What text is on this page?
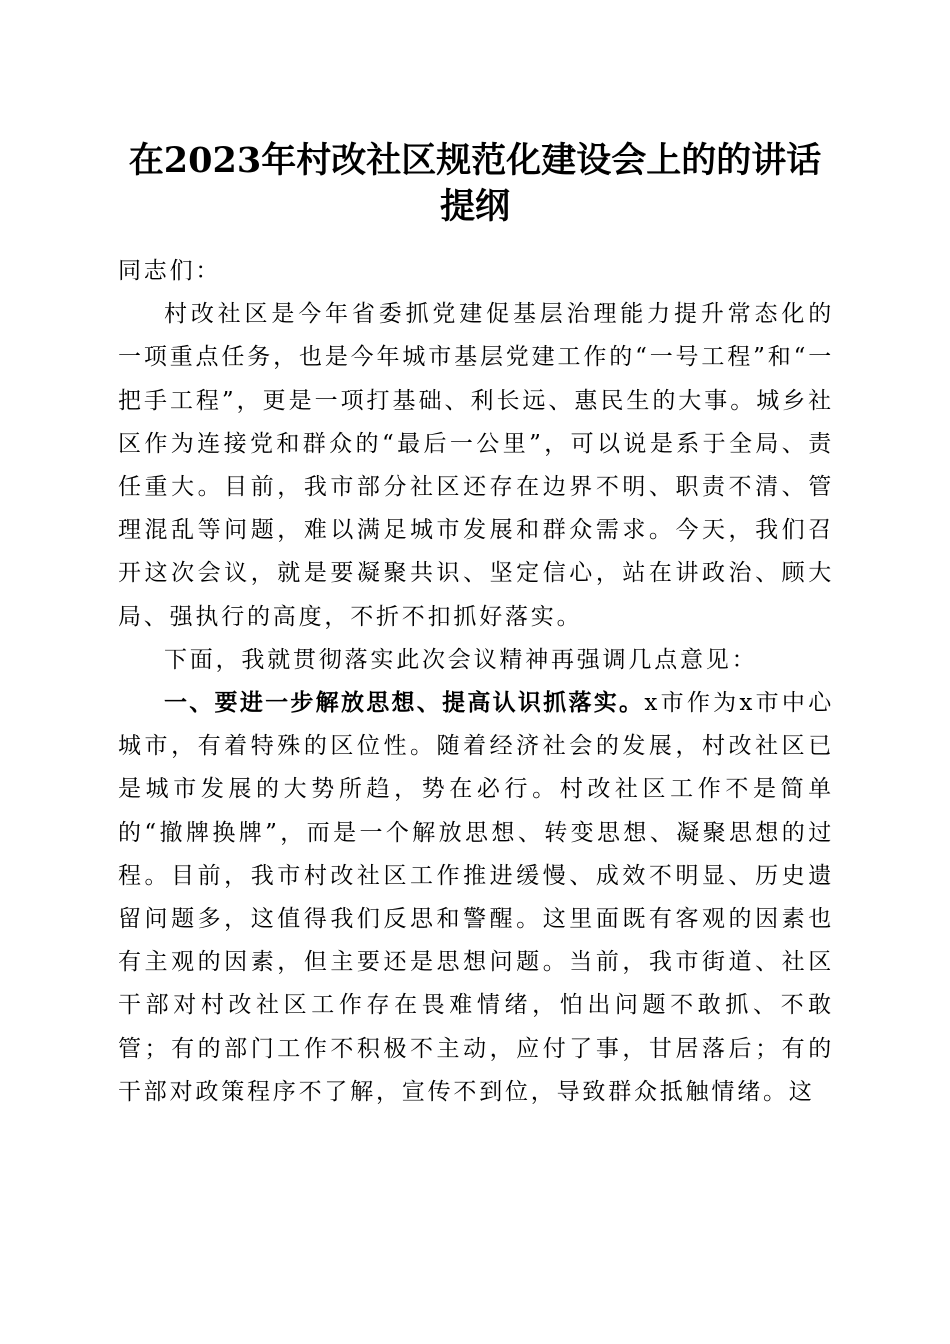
在2023年村改社区规范化建设会上的的讲话
提纲

同志们：

村改社区是今年省委抓党建促基层治理能力提升常态化的一项重点任务，也是今年城市基层党建工作的“一号工程”和“一把手工程”，更是一项打基础、利长远、惠民生的大事。城乡社区作为连接党和群众的“最后一公里”，可以说是系于全局、责任重大。目前，我市部分社区还存在边界不明、职责不清、管理混乱等问题，难以满足城市发展和群众需求。今天，我们召开这次会议，就是要凝聚共识、坚定信心，站在讲政治、顾大局、强执行的高度，不折不扣抓好落实。

下面，我就贯彻落实此次会议精神再强调几点意见：

一、要进一步解放思想、提高认识抓落实。x市作为x市中心城市，有着特殊的区位性。随着经济社会的发展，村改社区已是城市发展的大势所趋，势在必行。村改社区工作不是简单的“撤牌换牌”，而是一个解放思想、转变思想、凝聚思想的过程。目前，我市村改社区工作推进缓慢、成效不明显、历史遗留问题多，这值得我们反思和警醒。这里面既有客观的因素也有主观的因素，但主要还是思想问题。当前，我市街道、社区干部对村改社区工作存在畏难情绪，怕出问题不敢抓、不敢管；有的部门工作不积极不主动，应付了事，甘居落后；有的干部对政策程序不了解，宣传不到位，导致群众抵触情绪。这
